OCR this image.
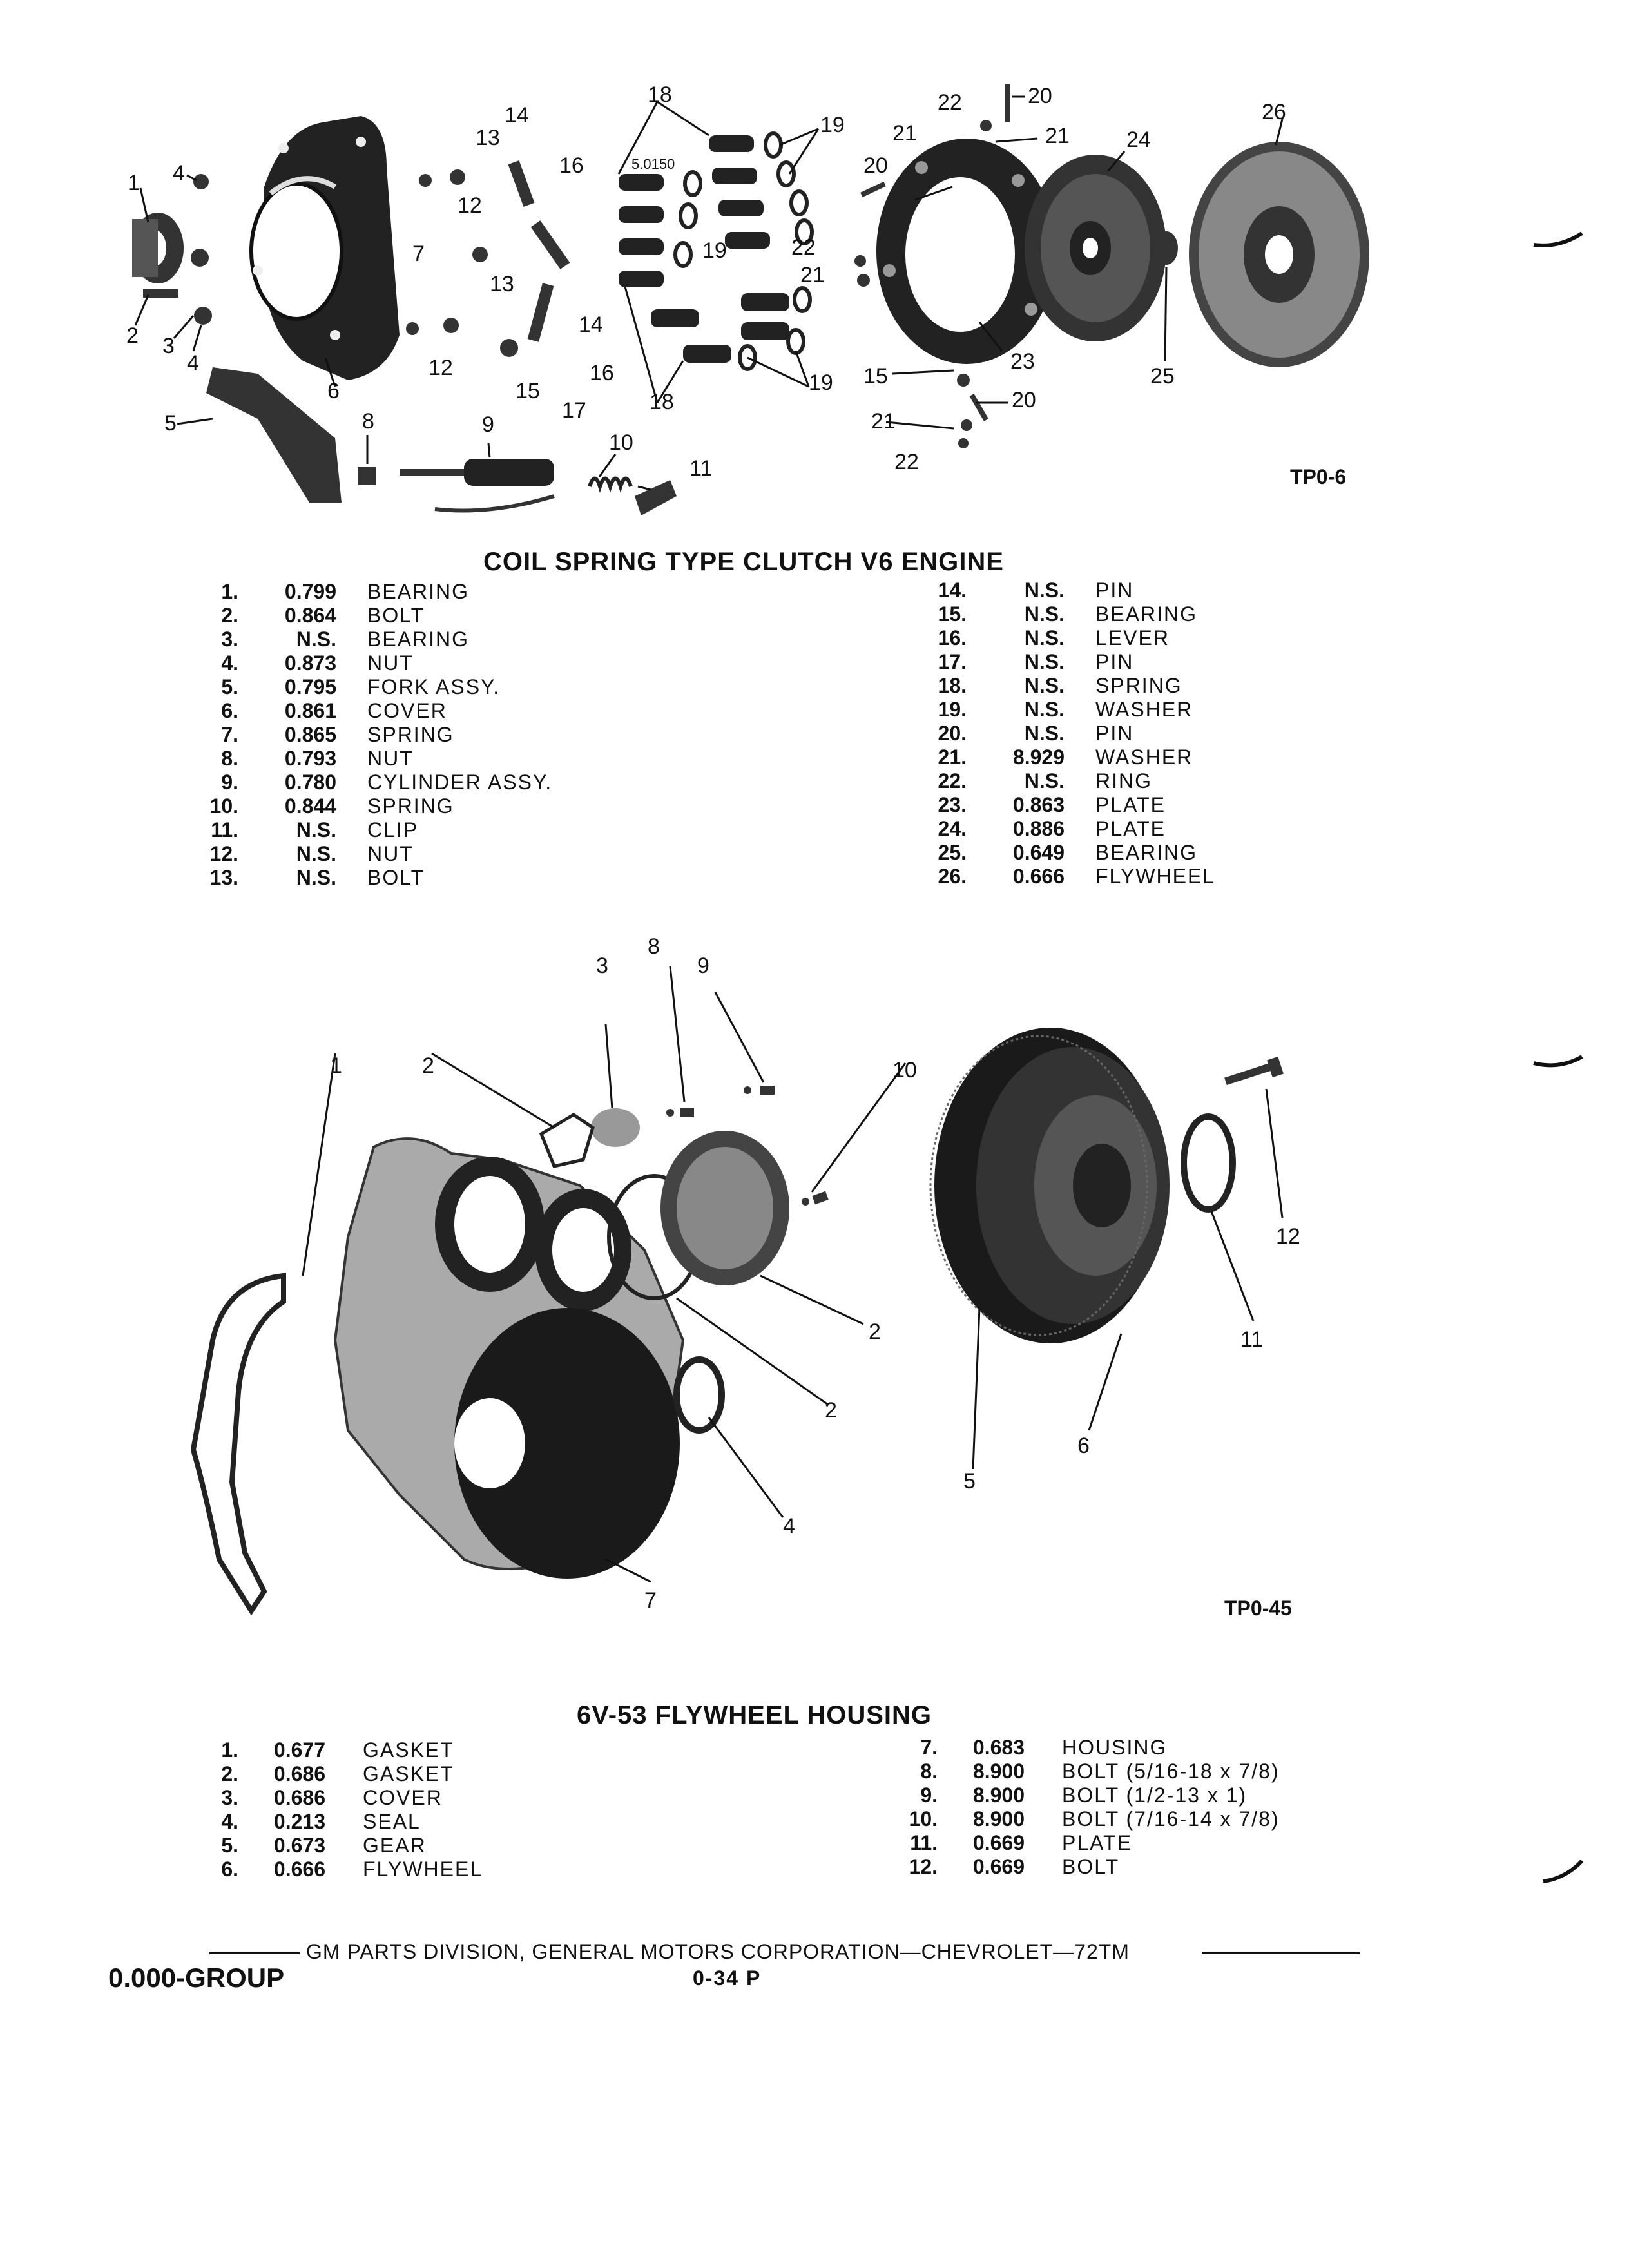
1 4
2 3
4
5
6
8	9
10
11
7
13
14
16
12
13
14
15
16
17
12
18
18
5.0150
19
19
19
20
21
22
21
22	20
21	24
26
23
25
15
20
21
22
TP0-6
COIL SPRING TYPE CLUTCH V6 ENGINE
1.	0.799	BEARING
2.	0.864	BOLT
3.	N.S.	BEARING
4.	0.873	NUT
5.	0.795	FORK ASSY.
6.	0.861	COVER
7.	0.865	SPRING
8.	0.793	NUT
9.	0.780	CYLINDER ASSY.
10.	0.844	SPRING
11.	N.S.	CLIP
12.	N.S.	NUT
13.	N.S.	BOLT
14.	N.S.	PIN
15.	N.S.	BEARING
16.	N.S.	LEVER
17.	N.S.	PIN
18.	N.S.	SPRING
19.	N.S.	WASHER
20.	N.S.	PIN
21.	8.929	WASHER
22.	N.S.	RING
23.	0.863	PLATE
24.	0.886	PLATE
25.	0.649	BEARING
26.	0.666	FLYWHEEL
1	2
3
8
9
10
2
2
4
5
6
7
11
12
TP0-45
6V-53 FLYWHEEL HOUSING
1.	0.677	GASKET
2.	0.686	GASKET
3.	0.686	COVER
4.	0.213	SEAL
5.	0.673	GEAR
6.	0.666	FLYWHEEL
7.	0.683	HOUSING
8.	8.900	BOLT (5/16-18 x 7/8)
9.	8.900	BOLT (1/2-13 x 1)
10.	8.900	BOLT (7/16-14 x 7/8)
11.	0.669	PLATE
12.	0.669	BOLT
GM PARTS DIVISION, GENERAL MOTORS CORPORATION—CHEVROLET—72TM
0.000-GROUP	0-34 P
